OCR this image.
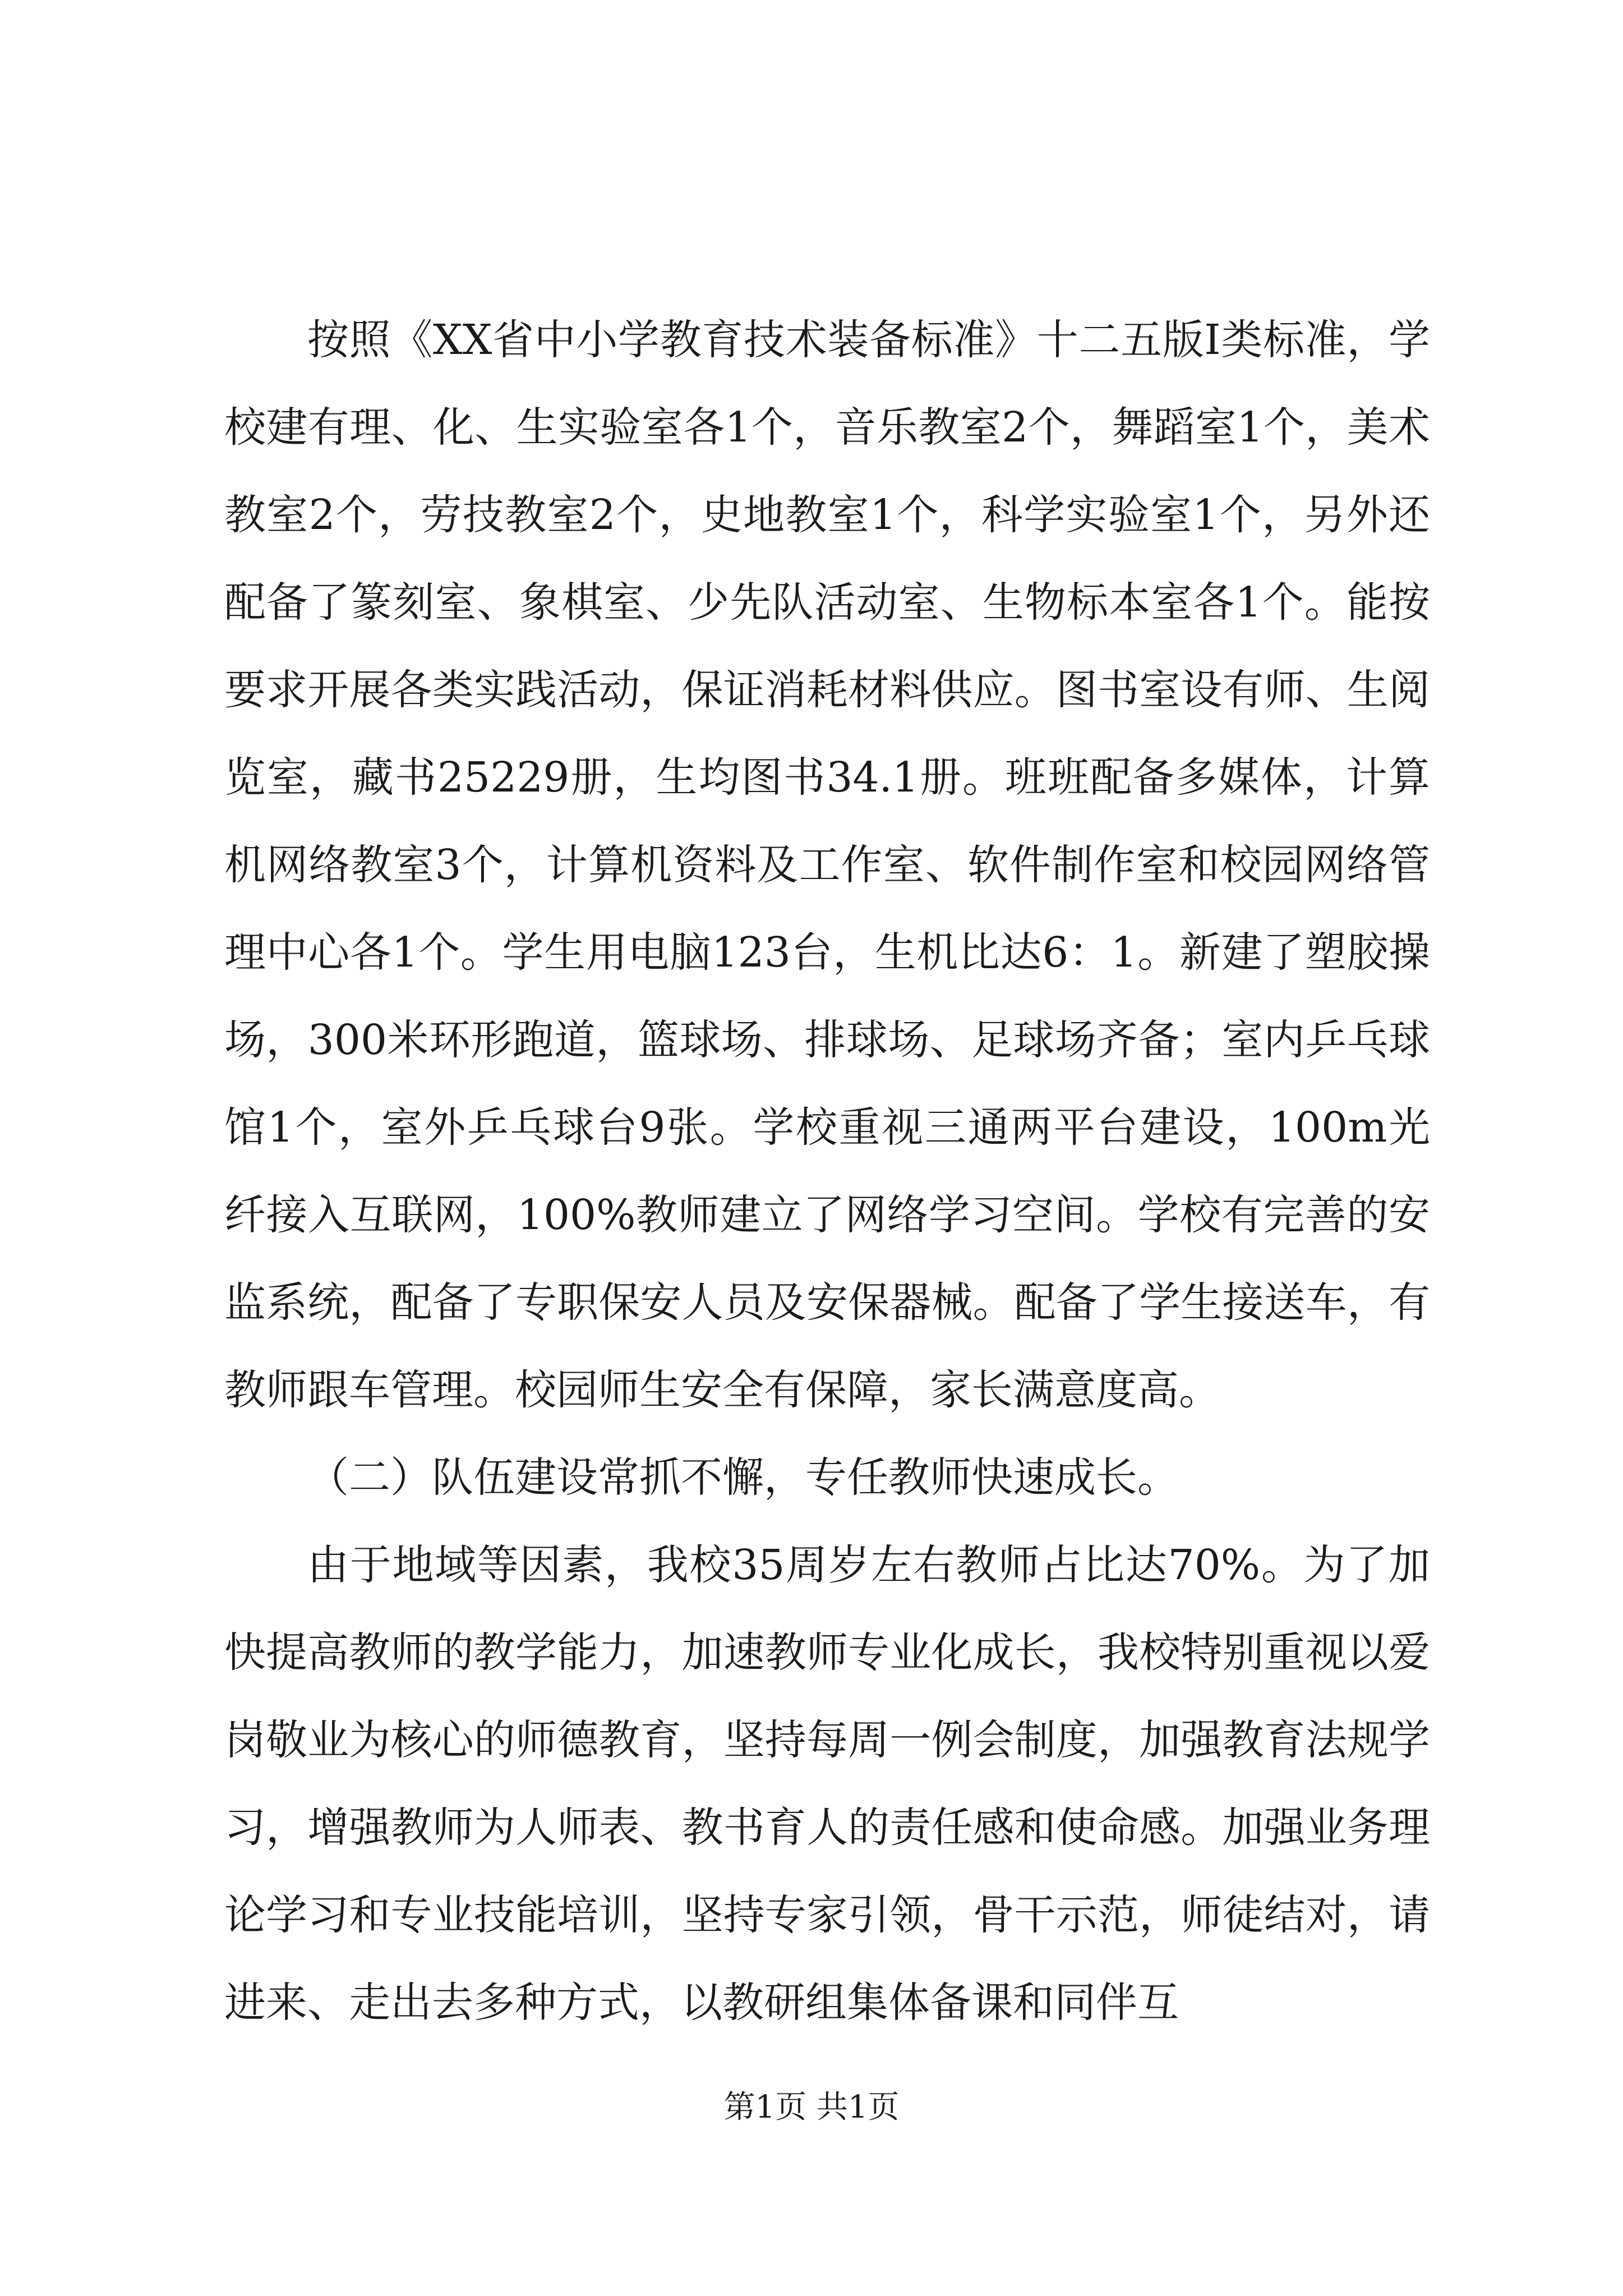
按照《XX省中小学教育技术装备标准》十二五版Ⅰ类标准，学校建有理、化、生实验室各1个，音乐教室2个，舞蹈室1个，美术教室2个，劳技教室2个，史地教室1个，科学实验室1个，另外还配备了篆刻室、象棋室、少先队活动室、生物标本室各1个。能按要求开展各类实践活动，保证消耗材料供应。图书室设有师、生阅览室，藏书25229册，生均图书34.1册。班班配备多媒体，计算机网络教室3个，计算机资料及工作室、软件制作室和校园网络管理中心各1个。学生用电脑123台，生机比达6：1。新建了塑胶操场，300米环形跑道，篮球场、排球场、足球场齐备；室内乒乓球馆1个，室外乒乓球台9张。学校重视三通两平台建设，100m光纤接入互联网，100%教师建立了网络学习空间。学校有完善的安监系统，配备了专职保安人员及安保器械。配备了学生接送车，有教师跟车管理。校园师生安全有保障，家长满意度高。

（二）队伍建设常抓不懈，专任教师快速成长。

由于地域等因素，我校35周岁左右教师占比达70%。为了加快提高教师的教学能力，加速教师专业化成长，我校特别重视以爱岗敬业为核心的师德教育，坚持每周一例会制度，加强教育法规学习，增强教师为人师表、教书育人的责任感和使命感。加强业务理论学习和专业技能培训，坚持专家引领，骨干示范，师徒结对，请进来、走出去多种方式，以教研组集体备课和同伴互

第1页 共1页
